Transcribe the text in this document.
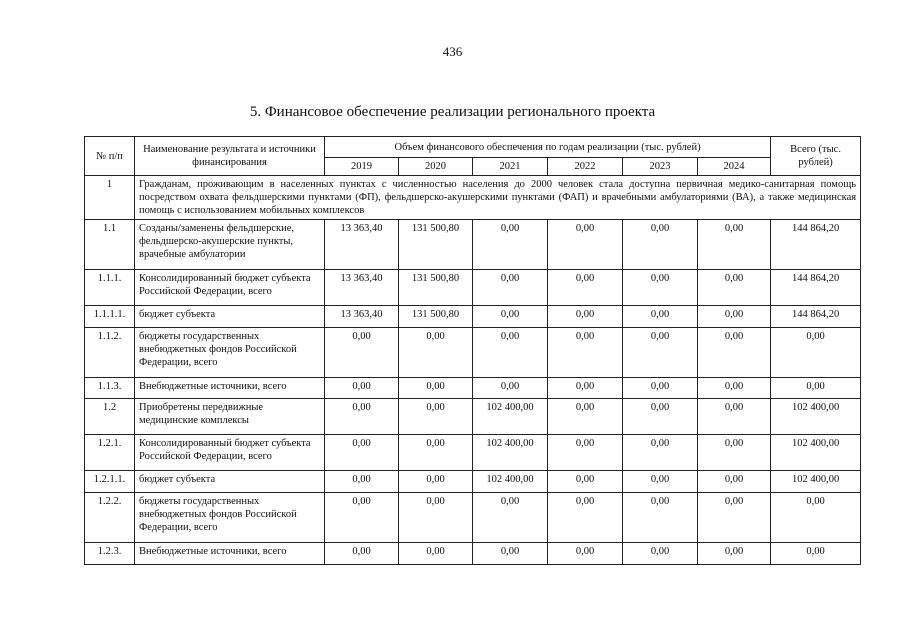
436
5. Финансовое обеспечение реализации регионального проекта
№ п/п	Наименование результата и источники финансирования	Объем финансового обеспечения по годам реализации (тыс. рублей)						Всего (тыс. рублей)
		2019	2020	2021	2022	2023	2024	
1	Гражданам, проживающим в населенных пунктах с численностью населения до 2000 человек стала доступна первичная медико-санитарная помощь посредством охвата фельдшерскими пунктами (ФП), фельдшерско-акушерскими пунктами (ФАП) и врачебными амбулаториями (ВА), а также медицинская помощь с использованием мобильных комплексов							
1.1	Созданы/заменены фельдшерские, фельдшерско-акушерские пункты, врачебные амбулатории	13 363,40	131 500,80	0,00	0,00	0,00	0,00	144 864,20
1.1.1.	Консолидированный бюджет субъекта Российской Федерации, всего	13 363,40	131 500,80	0,00	0,00	0,00	0,00	144 864,20
1.1.1.1.	бюджет субъекта	13 363,40	131 500,80	0,00	0,00	0,00	0,00	144 864,20
1.1.2.	бюджеты государственных внебюджетных фондов Российской Федерации, всего	0,00	0,00	0,00	0,00	0,00	0,00	0,00
1.1.3.	Внебюджетные источники, всего	0,00	0,00	0,00	0,00	0,00	0,00	0,00
1.2	Приобретены передвижные медицинские комплексы	0,00	0,00	102 400,00	0,00	0,00	0,00	102 400,00
1.2.1.	Консолидированный бюджет субъекта Российской Федерации, всего	0,00	0,00	102 400,00	0,00	0,00	0,00	102 400,00
1.2.1.1.	бюджет субъекта	0,00	0,00	102 400,00	0,00	0,00	0,00	102 400,00
1.2.2.	бюджеты государственных внебюджетных фондов Российской Федерации, всего	0,00	0,00	0,00	0,00	0,00	0,00	0,00
1.2.3.	Внебюджетные источники, всего	0,00	0,00	0,00	0,00	0,00	0,00	0,00
